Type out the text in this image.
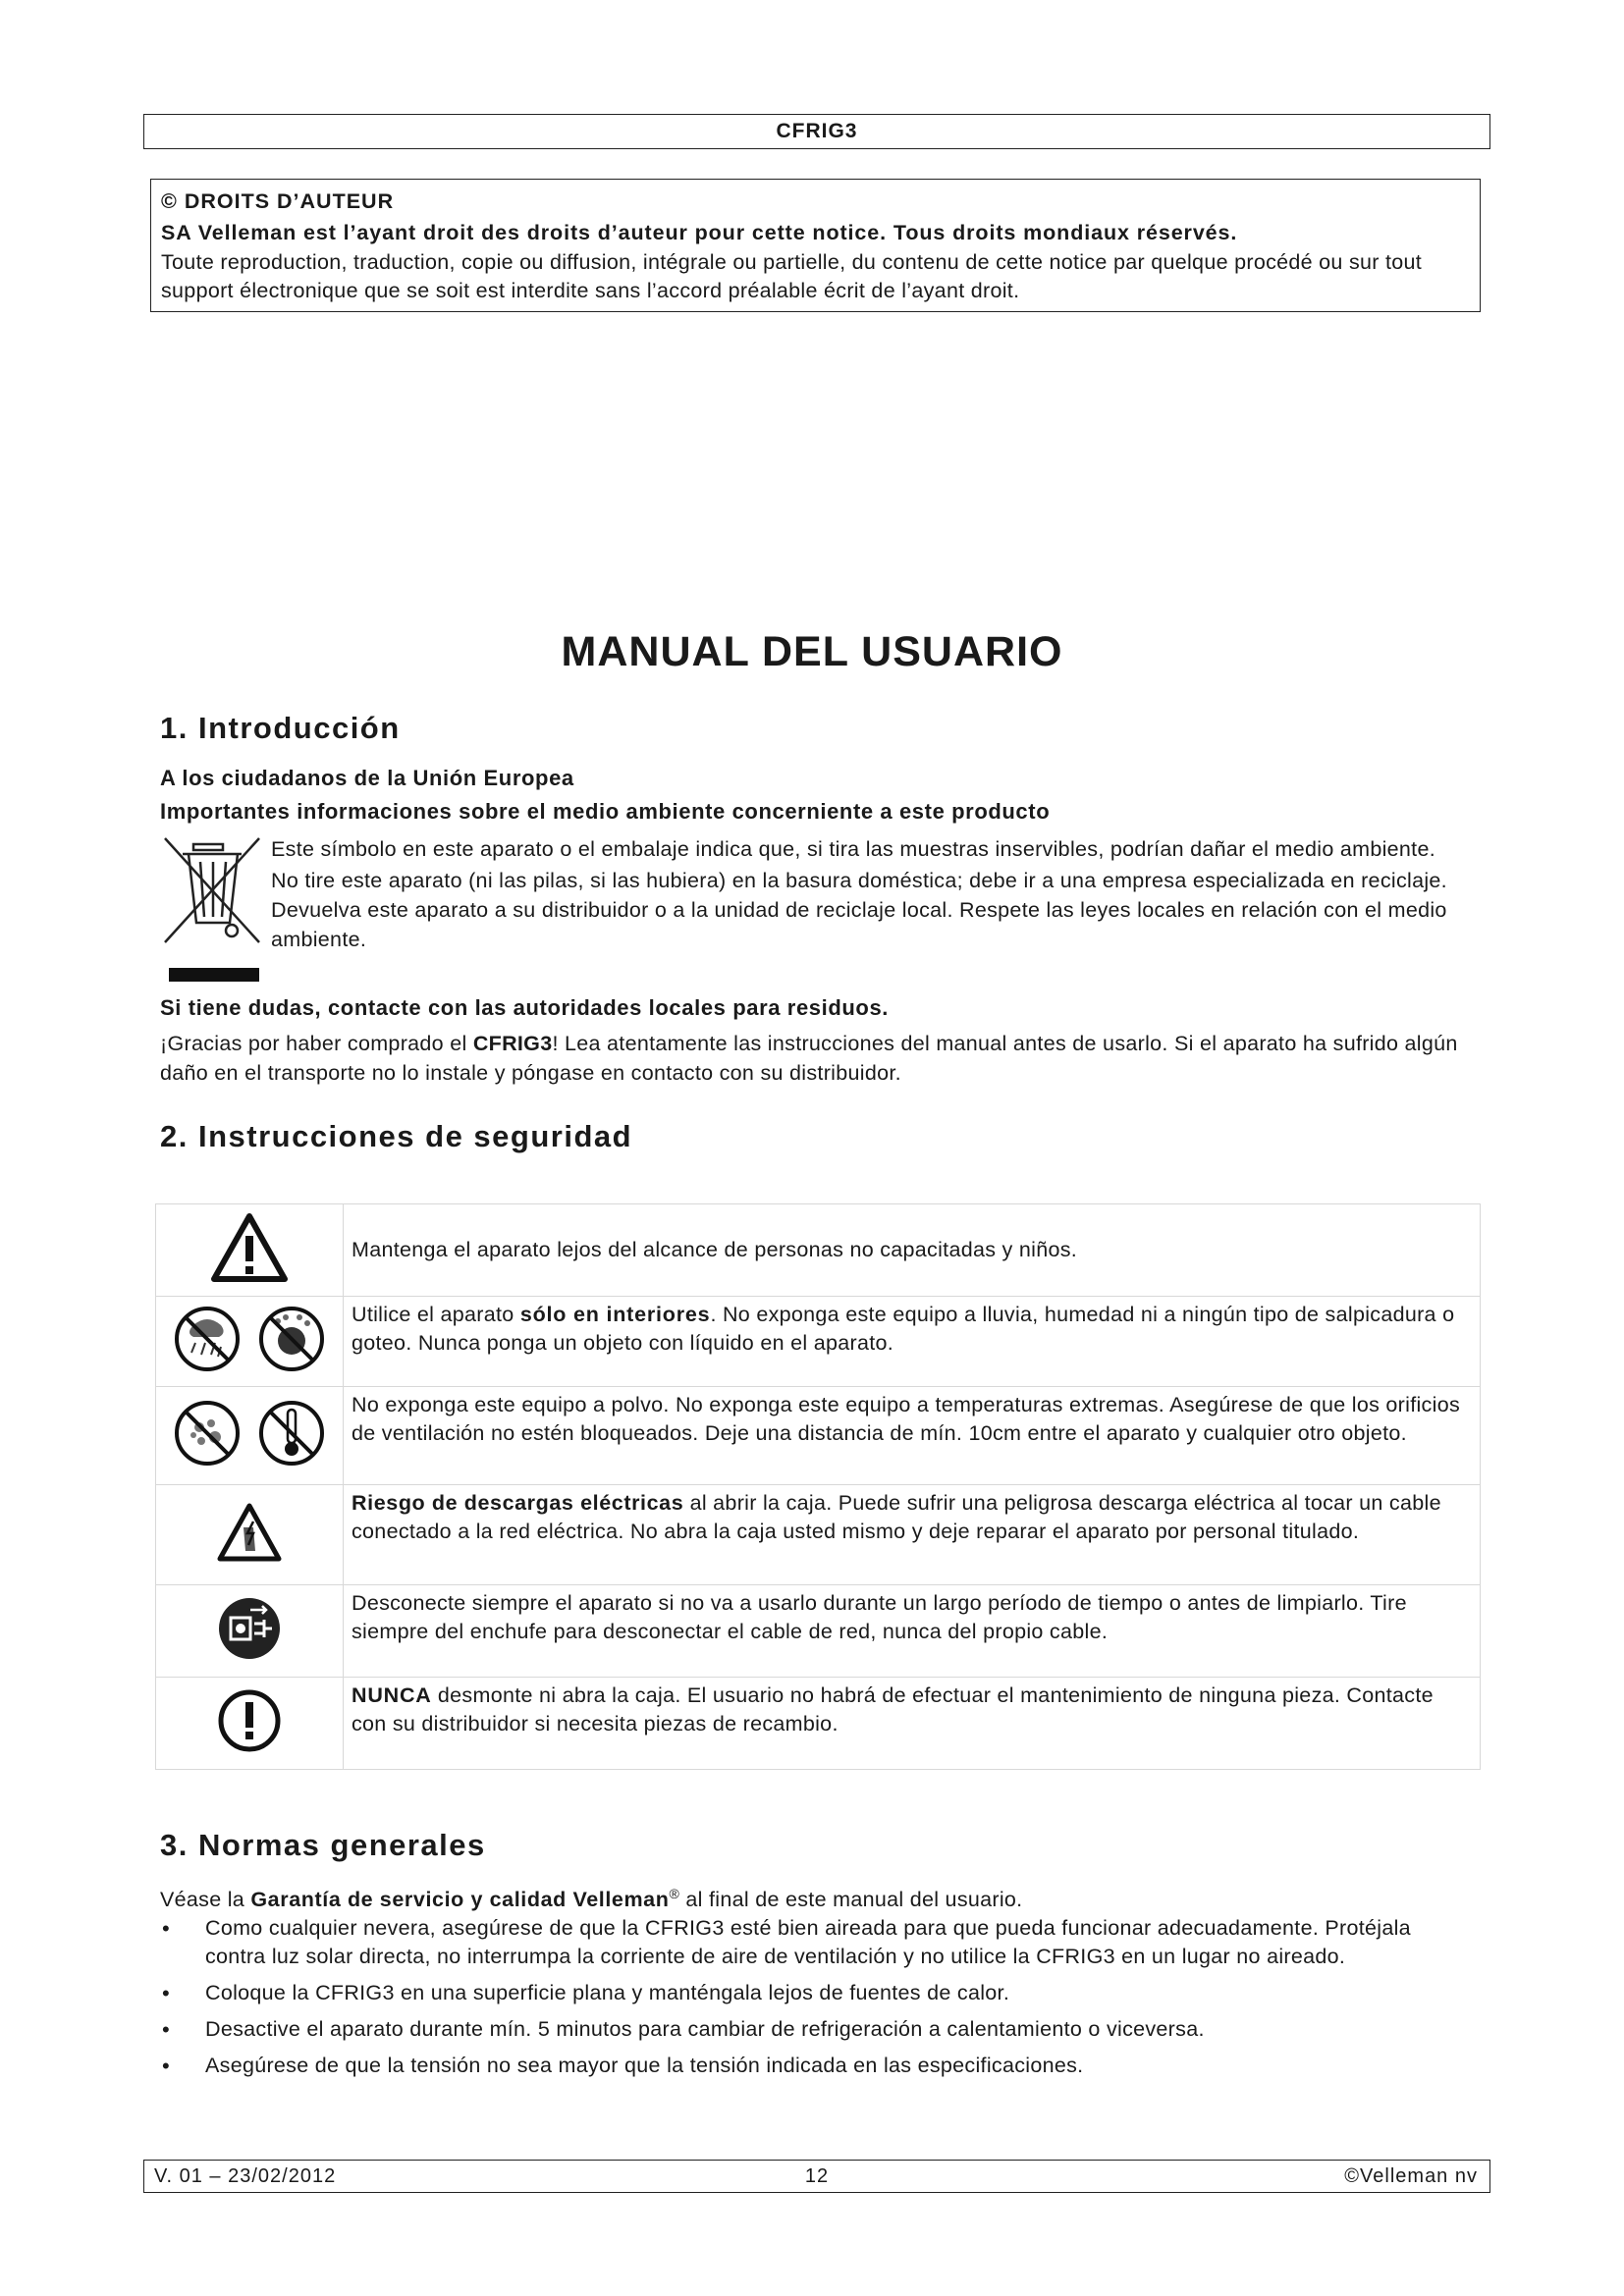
CFRIG3
© DROITS D’AUTEUR
SA Velleman est l’ayant droit des droits d’auteur pour cette notice. Tous droits mondiaux réservés.
Toute reproduction, traduction, copie ou diffusion, intégrale ou partielle, du contenu de cette notice par quelque procédé ou sur tout support électronique que se soit est interdite sans l’accord préalable écrit de l’ayant droit.
MANUAL DEL USUARIO
1. Introducción
A los ciudadanos de la Unión Europea
Importantes informaciones sobre el medio ambiente concerniente a este producto

Este símbolo en este aparato o el embalaje indica que, si tira las muestras inservibles, podrían dañar el medio ambiente.

No tire este aparato (ni las pilas, si las hubiera) en la basura doméstica; debe ir a una empresa especializada en reciclaje. Devuelva este aparato a su distribuidor o a la unidad de reciclaje local. Respete las leyes locales en relación con el medio ambiente.

Si tiene dudas, contacte con las autoridades locales para residuos.
¡Gracias por haber comprado el CFRIG3! Lea atentamente las instrucciones del manual antes de usarlo. Si el aparato ha sufrido algún daño en el transporte no lo instale y póngase en contacto con su distribuidor.
2. Instrucciones de seguridad
	Mantenga el aparato lejos del alcance de personas no capacitadas y niños.
	Utilice el aparato sólo en interiores. No exponga este equipo a lluvia, humedad ni a ningún tipo de salpicadura o goteo. Nunca ponga un objeto con líquido en el aparato.
	No exponga este equipo a polvo. No exponga este equipo a temperaturas extremas. Asegúrese de que los orificios de ventilación no estén bloqueados. Deje una distancia de mín. 10cm entre el aparato y cualquier otro objeto.
	Riesgo de descargas eléctricas al abrir la caja. Puede sufrir una peligrosa descarga eléctrica al tocar un cable conectado a la red eléctrica. No abra la caja usted mismo y deje reparar el aparato por personal titulado.
	Desconecte siempre el aparato si no va a usarlo durante un largo período de tiempo o antes de limpiarlo. Tire siempre del enchufe para desconectar el cable de red, nunca del propio cable.
	NUNCA desmonte ni abra la caja. El usuario no habrá de efectuar el mantenimiento de ninguna pieza. Contacte con su distribuidor si necesita piezas de recambio.
3. Normas generales
Véase la Garantía de servicio y calidad Velleman® al final de este manual del usuario.
• Como cualquier nevera, asegúrese de que la CFRIG3 esté bien aireada para que pueda funcionar adecuadamente. Protéjala contra luz solar directa, no interrumpa la corriente de aire de ventilación y no utilice la CFRIG3 en un lugar no aireado.
• Coloque la CFRIG3 en una superficie plana y manténgala lejos de fuentes de calor.
• Desactive el aparato durante mín. 5 minutos para cambiar de refrigeración a calentamiento o viceversa.
• Asegúrese de que la tensión no sea mayor que la tensión indicada en las especificaciones.
12
V. 01 – 23/02/2012	©Velleman nv
